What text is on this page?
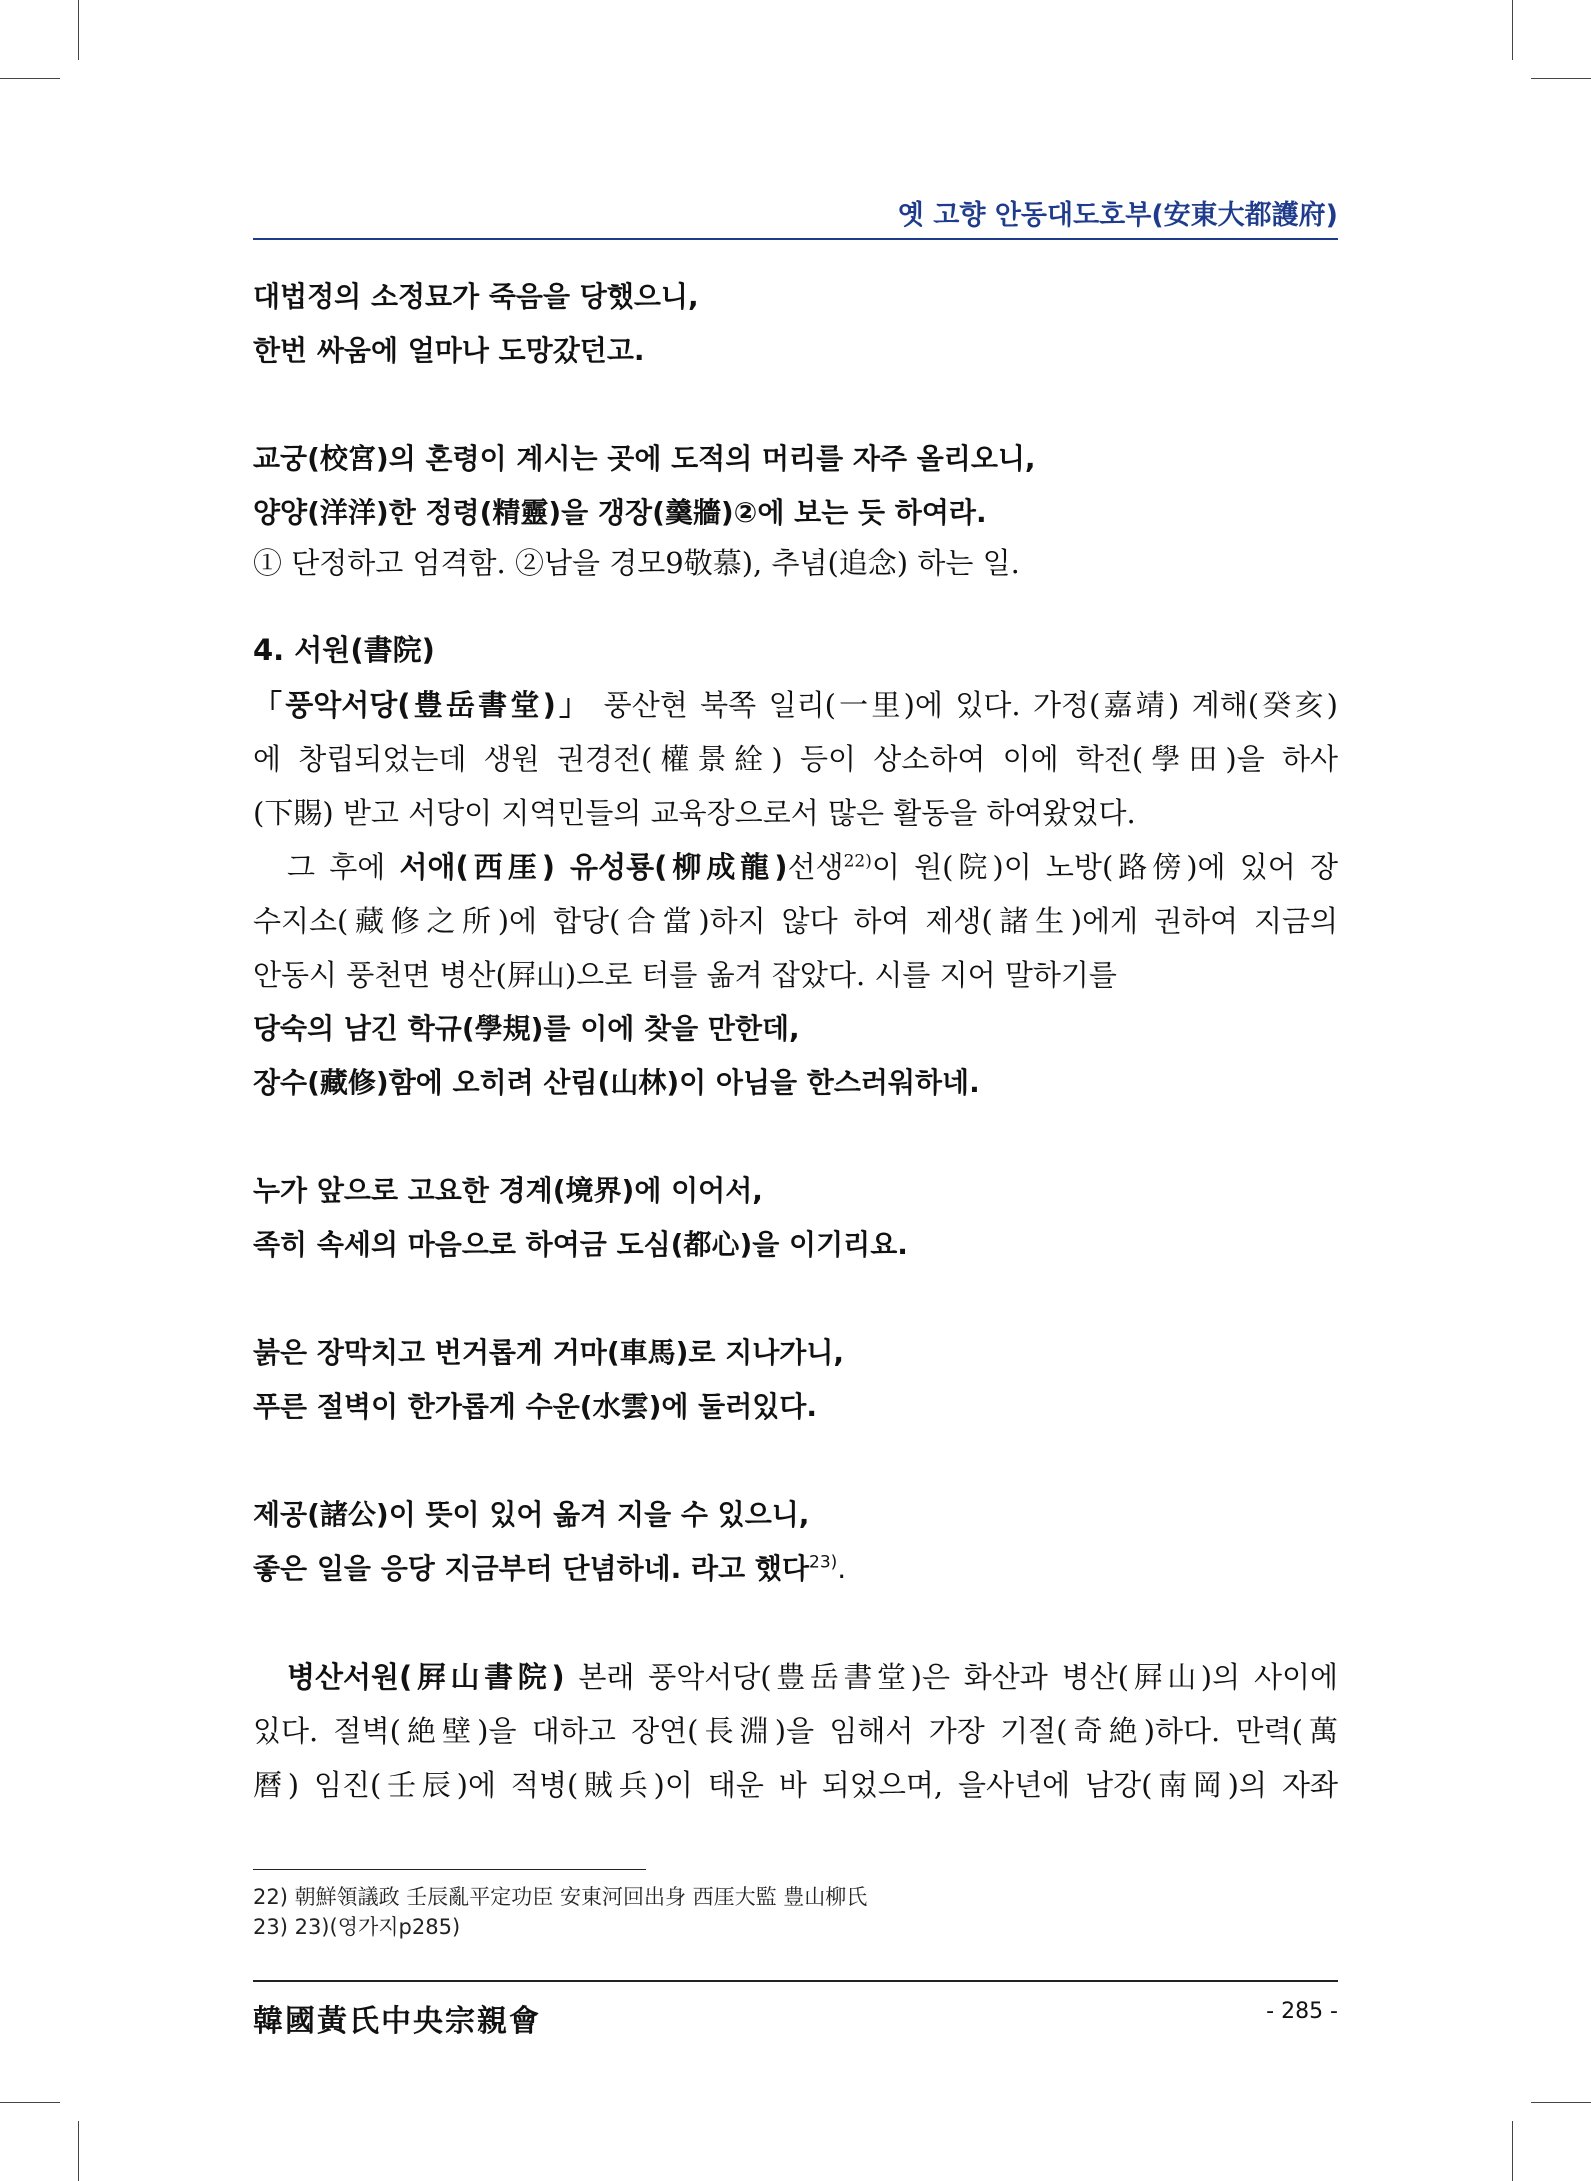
옛 고향 안동대도호부(安東大都護府)
대법정의 소정묘가 죽음을 당했으니,
한번 싸움에 얼마나 도망갔던고.
교궁(校宮)의 혼령이 계시는 곳에 도적의 머리를 자주 올리오니,
양양(洋洋)한 정령(精靈)을 갱장(羹牆)②에 보는 듯 하여라.
① 단정하고 엄격함. ②남을 경모9敬慕), 추념(追念) 하는 일.
4. 서원(書院)
「풍악서당(豊岳書堂)」 풍산현 북쪽 일리(一里)에 있다. 가정(嘉靖) 계해(癸亥)
에 창립되었는데 생원 권경전(權景絟) 등이 상소하여 이에 학전(學田)을 하사
(下賜) 받고 서당이 지역민들의 교육장으로서 많은 활동을 하여왔었다.
그 후에 서애(西厓) 유성룡(柳成龍)선생$^{22)}$이 원(院)이 노방(路傍)에 있어 장
수지소(藏修之所)에 합당(合當)하지 않다 하여 제생(諸生)에게 권하여 지금의
안동시 풍천면 병산(屛山)으로 터를 옮겨 잡았다. 시를 지어 말하기를
당숙의 남긴 학규(學規)를 이에 찾을 만한데,
장수(藏修)함에 오히려 산림(山林)이 아님을 한스러워하네.
누가 앞으로 고요한 경계(境界)에 이어서,
족히 속세의 마음으로 하여금 도심(都心)을 이기리요.
붉은 장막치고 번거롭게 거마(車馬)로 지나가니,
푸른 절벽이 한가롭게 수운(水雲)에 둘러있다.
제공(諸公)이 뜻이 있어 옮겨 지을 수 있으니,
좋은 일을 응당 지금부터 단념하네. 라고 했다$^{23)}$.
병산서원(屛山書院) 본래 풍악서당(豊岳書堂)은 화산과 병산(屛山)의 사이에
있다. 절벽(絶壁)을 대하고 장연(長淵)을 임해서 가장 기절(奇絶)하다. 만력(萬
曆) 임진(壬辰)에 적병(賊兵)이 태운 바 되었으며, 을사년에 남강(南岡)의 자좌
22) 朝鮮領議政 壬辰亂平定功臣 安東河回出身 西厓大監 豊山柳氏
23) 23)(영가지p285)
韓國黃氏中央宗親會	- 285 -
